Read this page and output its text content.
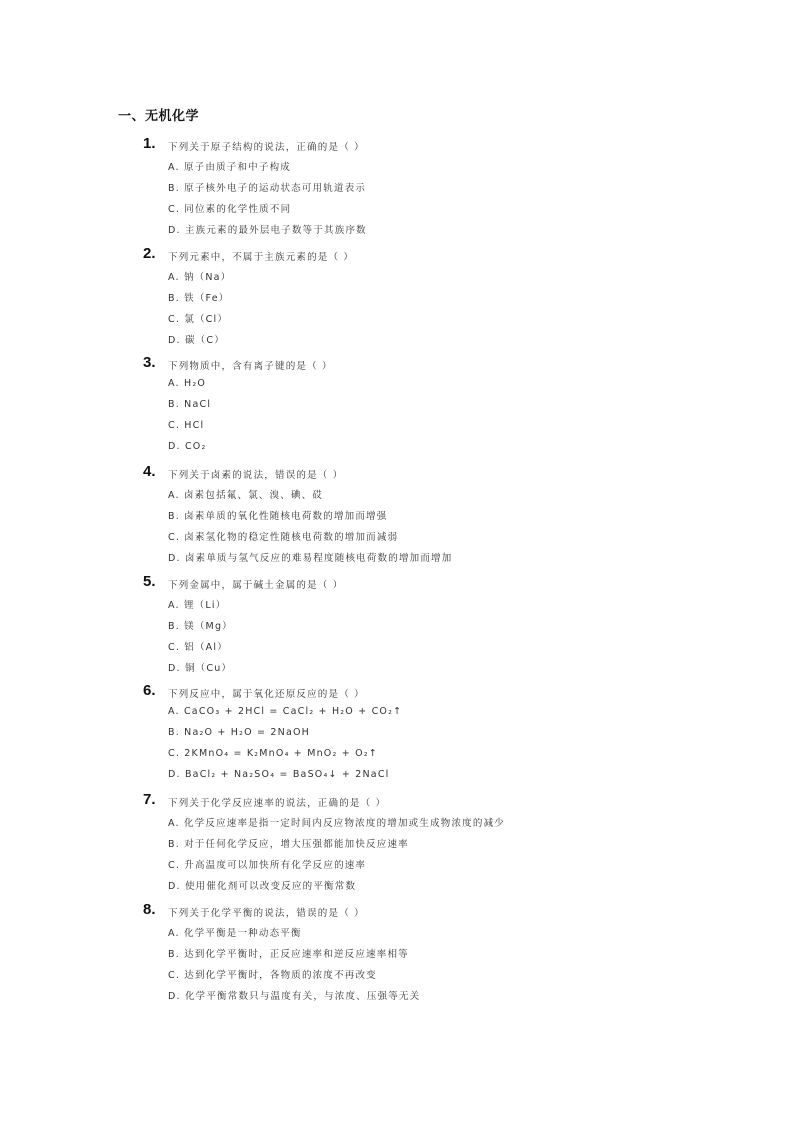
一、无机化学
1. 下列关于原子结构的说法，正确的是（ ）
A. 原子由质子和中子构成
B. 原子核外电子的运动状态可用轨道表示
C. 同位素的化学性质不同
D. 主族元素的最外层电子数等于其族序数
2. 下列元素中，不属于主族元素的是（ ）
A. 钠（Na）
B. 铁（Fe）
C. 氯（Cl）
D. 碳（C）
3. 下列物质中，含有离子键的是（ ）
A. H₂O
B. NaCl
C. HCl
D. CO₂
4. 下列关于卤素的说法，错误的是（ ）
A. 卤素包括氟、氯、溴、碘、砹
B. 卤素单质的氧化性随核电荷数的增加而增强
C. 卤素氢化物的稳定性随核电荷数的增加而减弱
D. 卤素单质与氢气反应的难易程度随核电荷数的增加而增加
5. 下列金属中，属于碱土金属的是（ ）
A. 锂（Li）
B. 镁（Mg）
C. 铝（Al）
D. 铜（Cu）
6. 下列反应中，属于氧化还原反应的是（ ）
A. CaCO₃ + 2HCl = CaCl₂ + H₂O + CO₂↑
B. Na₂O + H₂O = 2NaOH
C. 2KMnO₄ = K₂MnO₄ + MnO₂ + O₂↑
D. BaCl₂ + Na₂SO₄ = BaSO₄↓ + 2NaCl
7. 下列关于化学反应速率的说法，正确的是（ ）
A. 化学反应速率是指一定时间内反应物浓度的增加或生成物浓度的减少
B. 对于任何化学反应，增大压强都能加快反应速率
C. 升高温度可以加快所有化学反应的速率
D. 使用催化剂可以改变反应的平衡常数
8. 下列关于化学平衡的说法，错误的是（ ）
A. 化学平衡是一种动态平衡
B. 达到化学平衡时，正反应速率和逆反应速率相等
C. 达到化学平衡时，各物质的浓度不再改变
D. 化学平衡常数只与温度有关，与浓度、压强等无关
